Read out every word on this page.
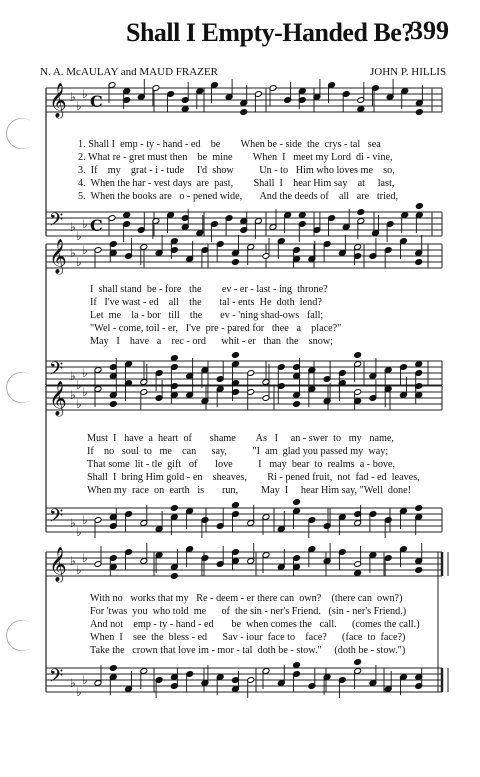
Shall I Empty-Handed Be?
399
N. A. McAULAY and MAUD FRAZER	JOHN P. HILLIS
𝄞 ♭
♭
♭ C
𝄢 ♭
♭
♭ C
𝄞 ♭
♭
♭
𝄢 ♭
♭
♭
𝄞 ♭
♭
♭
𝄢 ♭
♭
♭
𝄞 ♭
♭
♭
𝄢 ♭
♭
♭
1. Shall I  emp - ty - hand - ed    be        When be - side  the  crys - tal   sea
2. What re - gret must then    be  mine        When  I   meet my Lord  di - vine,
3.  If    my    grat - i - tude     I'd  show          Un - to   Him who loves me    so,
4.  When the har - vest days  are  past,        Shall  I    hear Him say    at     last,
5.  When the books are   o - pened wide,       And the deeds of    all   are   tried,
I  shall stand  be - fore   the        ev - er - last - ing  throne?
If   I've wast - ed    all    the       tal - ents  He  doth  lend?
Let  me    la - bor   till    the       ev - 'ning shad-ows   fall;
"Wel - come, toil - er,   I've  pre - pared for   thee   a    place?"
May   I    have   a    rec - ord      whit - er   than  the    snow;
Must  I   have  a  heart  of       shame        As   I     an - swer  to   my   name,
If    no   soul  to   me    can      say,          "I  am  glad you passed my  way;
That some  lit - tle  gift   of       love          I   may  bear  to  realms  a - bove,
Shall  I  bring Him gold - en    sheaves,        Ri - pened fruit,  not  fad - ed  leaves,
When my  race  on  earth   is       run,         May  I     hear Him say, "Well  done!
With no   works that my   Re - deem - er there can  own?    (there can  own?)
For 'twas  you  who told  me      of  the sin - ner's Friend.   (sin - ner's Friend.)
And not    emp - ty - hand - ed       be  when comes the   call.      (comes the call.)
When  I    see  the  bless - ed      Sav - iour  face to    face?      (face  to  face?)
Take the   crown that love im - mor - tal  doth be - stow."     (doth be - stow.")
